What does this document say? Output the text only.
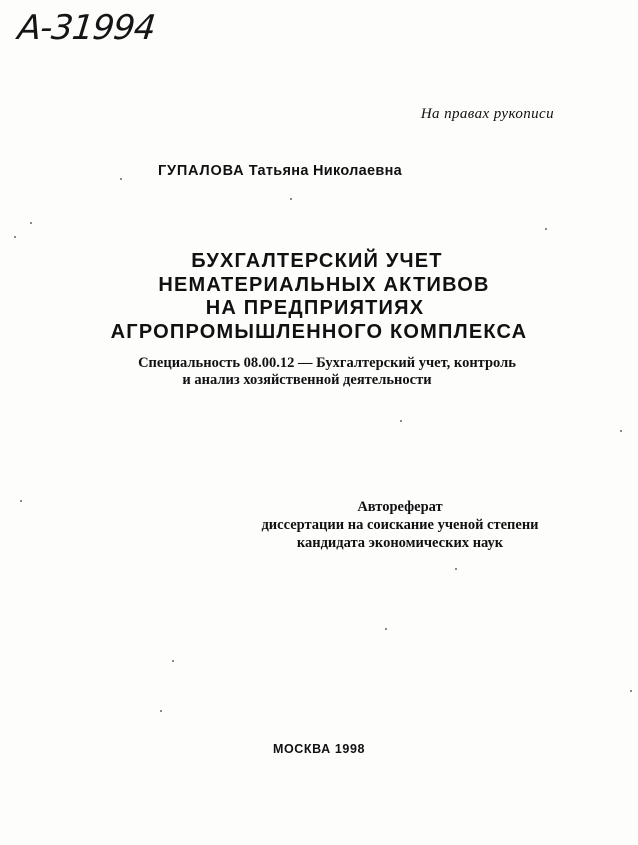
А-31994
На правах рукописи
ГУПАЛОВА Татьяна Николаевна
БУХГАЛТЕРСКИЙ УЧЕТ
НЕМАТЕРИАЛЬНЫХ АКТИВОВ
НА ПРЕДПРИЯТИЯХ
АГРОПРОМЫШЛЕННОГО КОМПЛЕКСА
Специальность 08.00.12 — Бухгалтерский учет, контроль
и анализ хозяйственной деятельности
Автореферат
диссертации на соискание ученой степени
кандидата экономических наук
МОСКВА 1998
